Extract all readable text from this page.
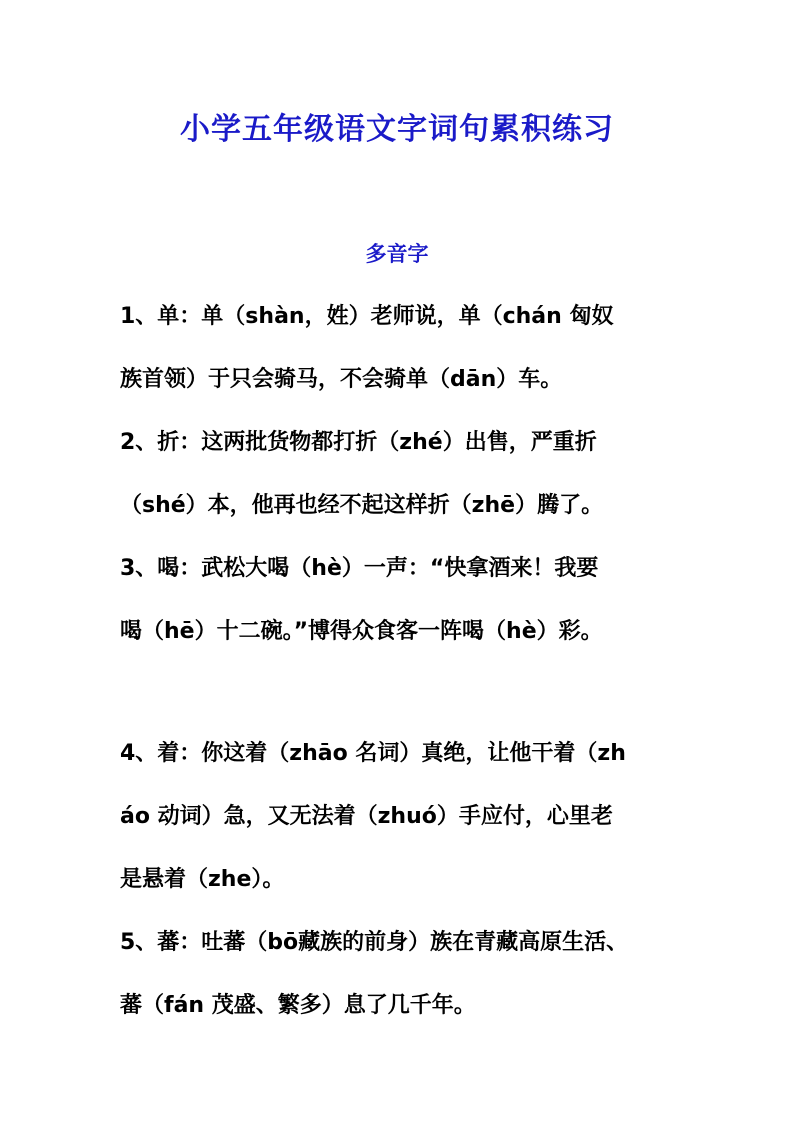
小学五年级语文字词句累积练习
多音字
1、单：单（shàn，姓）老师说，单（chán 匈奴
族首领）于只会骑马，不会骑单（dān）车。
2、折：这两批货物都打折（zhé）出售，严重折
（shé）本，他再也经不起这样折（zhē）腾了。
3、喝：武松大喝（hè）一声：“快拿酒来！我要
喝（hē）十二碗。”博得众食客一阵喝（hè）彩。
4、着：你这着（zhāo 名词）真绝，让他干着（zh
áo 动词）急，又无法着（zhuó）手应付，心里老
是悬着（zhe）。
5、蕃：吐蕃（bō藏族的前身）族在青藏高原生活、
蕃（fán 茂盛、繁多）息了几千年。
